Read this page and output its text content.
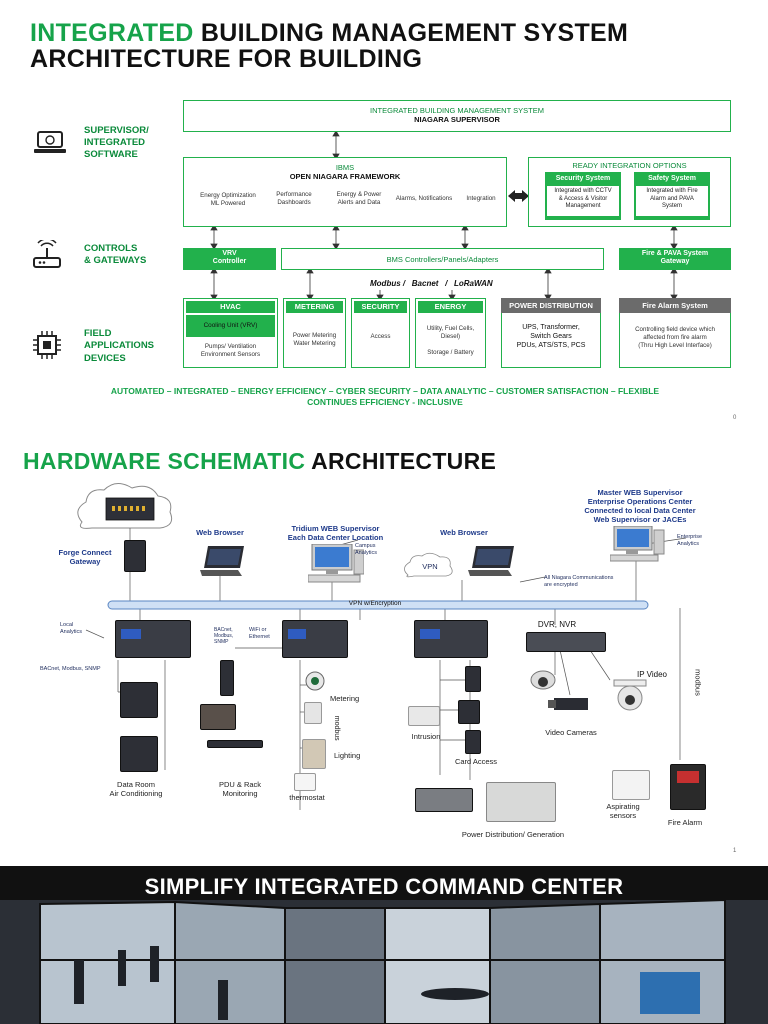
INTEGRATED BUILDING MANAGEMENT SYSTEM
ARCHITECTURE FOR BUILDING
SUPERVISOR/
INTEGRATED
SOFTWARE
CONTROLS
& GATEWAYS
FIELD
APPLICATIONS
DEVICES
INTEGRATED BUILDING MANAGEMENT SYSTEM
NIAGARA SUPERVISOR
IBMS
OPEN NIAGARA FRAMEWORK
Energy Optimization
ML Powered
Performance
Dashboards
Energy & Power
Alerts and Data
Alarms, Notifications	Integration
READY INTEGRATION OPTIONS
Security System
Integrated with CCTV
& Access & Visitor
Management
Safety System
Integrated with Fire
Alarm and PAVA
System
VRV
Controller	BMS Controllers/Panels/Adapters
Fire & PAVA System
Gateway
Modbus /   Bacnet   /   LoRaWAN
HVAC
Cooling Unit (VRV)
Pumps/ Ventilation
Environment Sensors
METERING
Power Metering
Water Metering
SECURITY
Access
ENERGY
Utility, Fuel Cells,
Diesel)
Storage / Battery
POWER DISTRIBUTION
UPS, Transformer,
Switch Gears
PDUs, ATS/STS, PCS
Fire Alarm System
Controlling field device which
affected from fire alarm
(Thru High Level Interface)
AUTOMATED – INTEGRATED – ENERGY EFFICIENCY – CYBER SECURITY – DATA ANALYTIC – CUSTOMER SATISFACTION – FLEXIBLE
CONTINUES EFFICIENCY - INCLUSIVE
0
HARDWARE SCHEMATIC ARCHITECTURE
Forge Connect
Gateway
Web Browser	Tridium WEB Supervisor
Each Data Center Location
Campus
Analytics
Web Browser
VPN
Master WEB Supervisor
Enterprise Operations Center
Connected to local Data Center
Web Supervisor or JACEs
Enterprise
Analytics
All Niagara Communications
are encrypted
VPN w/Encryption
Local
Analytics
BACnet, Modbus, SNMP
BACnet,
Modbus,
SNMP
WiFi or
Ethernet
DVR, NVR
Data Room
Air Conditioning
PDU & Rack
Monitoring
Metering
modbus
Lighting
thermostat
Intrusion
Card Access
IP Video	modbus
Video Cameras
Power Distribution/ Generation
Aspirating
sensors
Fire Alarm
1
SIMPLIFY INTEGRATED COMMAND CENTER
